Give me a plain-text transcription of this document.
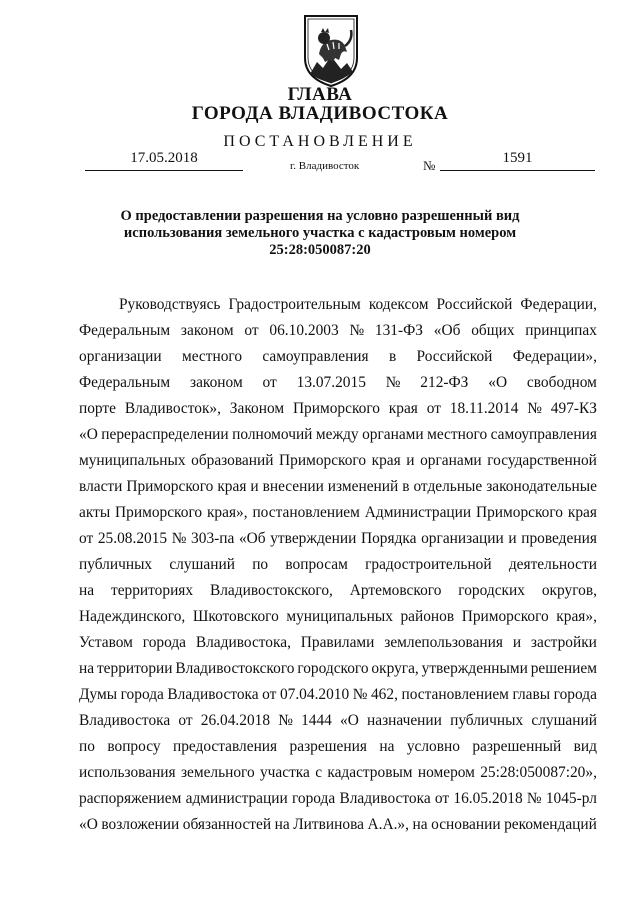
ГЛАВА
ГОРОДА ВЛАДИВОСТОКА
ПОСТАНОВЛЕНИЕ
17.05.2018	г. Владивосток	№	1591
О предоставлении разрешения на условно разрешенный вид
использования земельного участка с кадастровым номером
25:28:050087:20
Руководствуясь Градостроительным кодексом Российской Федерации,
Федеральным законом от 06.10.2003 № 131-ФЗ «Об общих принципах
организации местного самоуправления в Российской Федерации»,
Федеральным законом от 13.07.2015 № 212-ФЗ «О свободном
порте Владивосток», Законом Приморского края от 18.11.2014 № 497-КЗ
«О перераспределении полномочий между органами местного самоуправления
муниципальных образований Приморского края и органами государственной
власти Приморского края и внесении изменений в отдельные законодательные
акты Приморского края», постановлением Администрации Приморского края
от 25.08.2015 № 303-па «Об утверждении Порядка организации и проведения
публичных слушаний по вопросам градостроительной деятельности
на территориях Владивостокского, Артемовского городских округов,
Надеждинского, Шкотовского муниципальных районов Приморского края»,
Уставом города Владивостока, Правилами землепользования и застройки
на территории Владивостокского городского округа, утвержденными решением
Думы города Владивостока от 07.04.2010 № 462, постановлением главы города
Владивостока от 26.04.2018 № 1444 «О назначении публичных слушаний
по вопросу предоставления разрешения на условно разрешенный вид
использования земельного участка с кадастровым номером 25:28:050087:20»,
распоряжением администрации города Владивостока от 16.05.2018 № 1045-рл
«О возложении обязанностей на Литвинова А.А.», на основании рекомендаций
